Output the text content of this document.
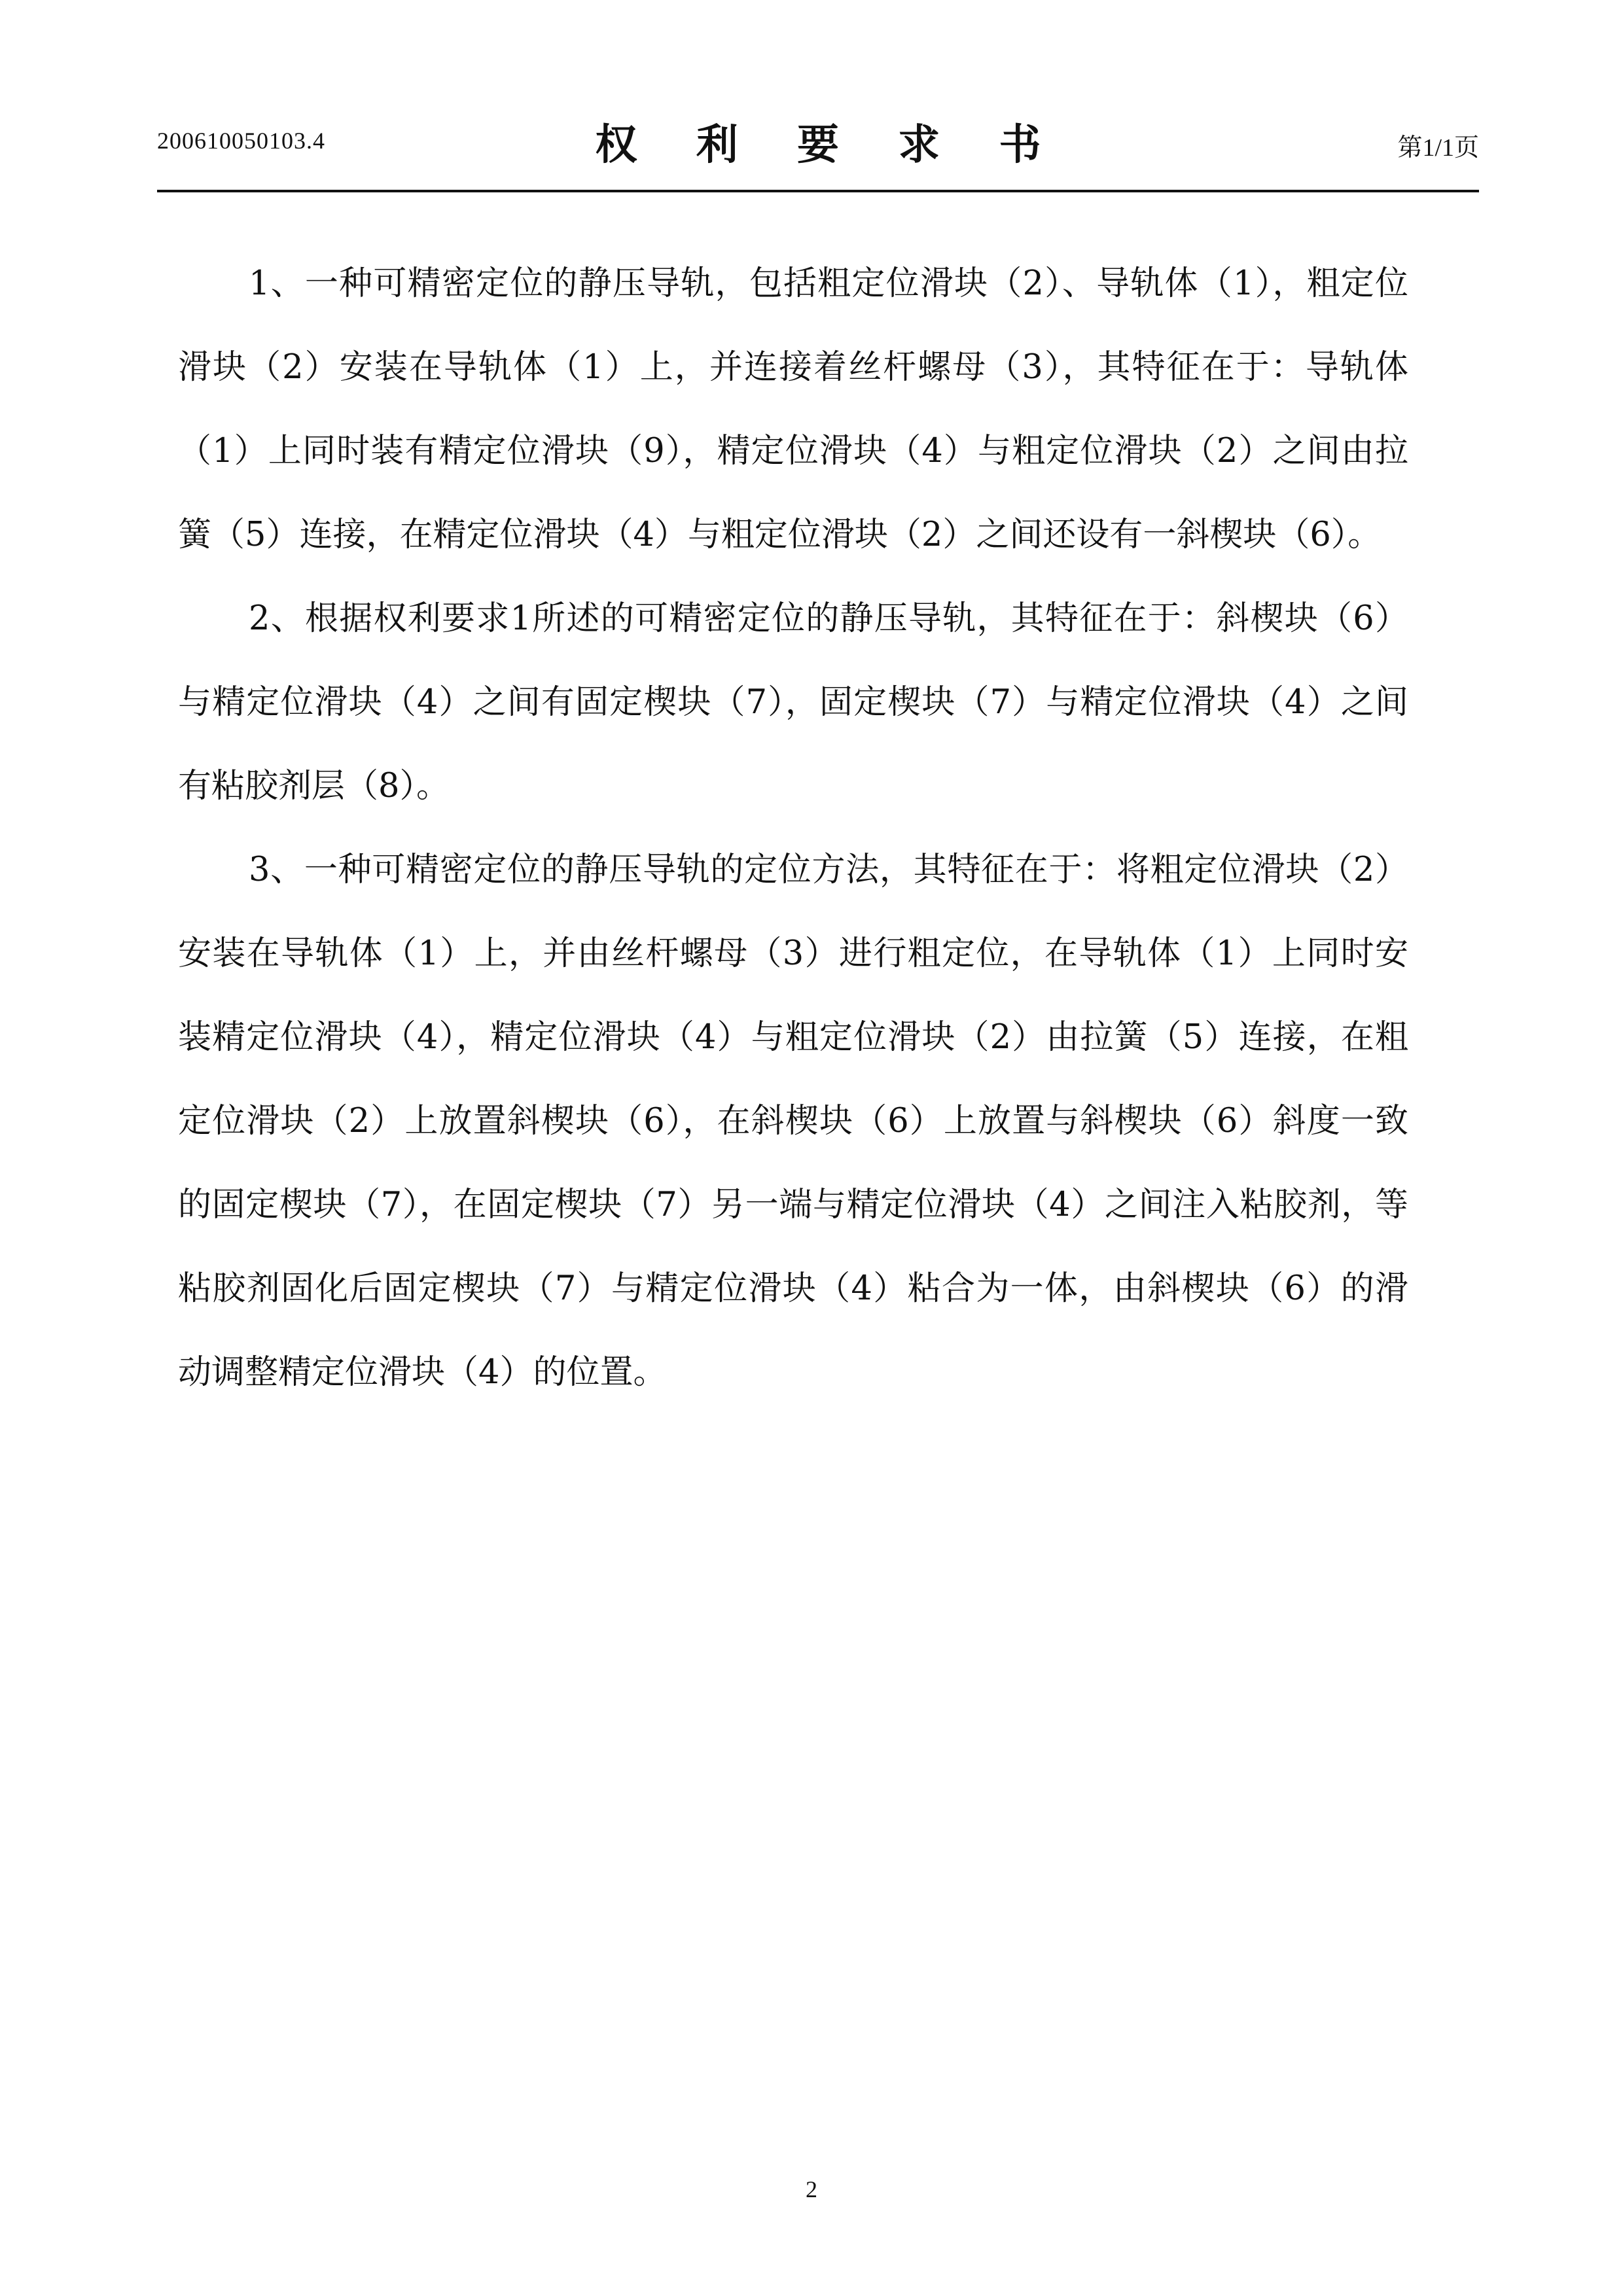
200610050103.4	权 利 要 求 书	第1/1页

1、一种可精密定位的静压导轨，包括粗定位滑块（2）、导轨体（1），粗定位滑块（2）安装在导轨体（1）上，并连接着丝杆螺母（3），其特征在于：导轨体（1）上同时装有精定位滑块（9），精定位滑块（4）与粗定位滑块（2）之间由拉簧（5）连接，在精定位滑块（4）与粗定位滑块（2）之间还设有一斜楔块（6）。

2、根据权利要求1所述的可精密定位的静压导轨，其特征在于：斜楔块（6）与精定位滑块（4）之间有固定楔块（7），固定楔块（7）与精定位滑块（4）之间有粘胶剂层（8）。

3、一种可精密定位的静压导轨的定位方法，其特征在于：将粗定位滑块（2）安装在导轨体（1）上，并由丝杆螺母（3）进行粗定位，在导轨体（1）上同时安装精定位滑块（4），精定位滑块（4）与粗定位滑块（2）由拉簧（5）连接，在粗定位滑块（2）上放置斜楔块（6），在斜楔块（6）上放置与斜楔块（6）斜度一致的固定楔块（7），在固定楔块（7）另一端与精定位滑块（4）之间注入粘胶剂，等粘胶剂固化后固定楔块（7）与精定位滑块（4）粘合为一体，由斜楔块（6）的滑动调整精定位滑块（4）的位置。

2
